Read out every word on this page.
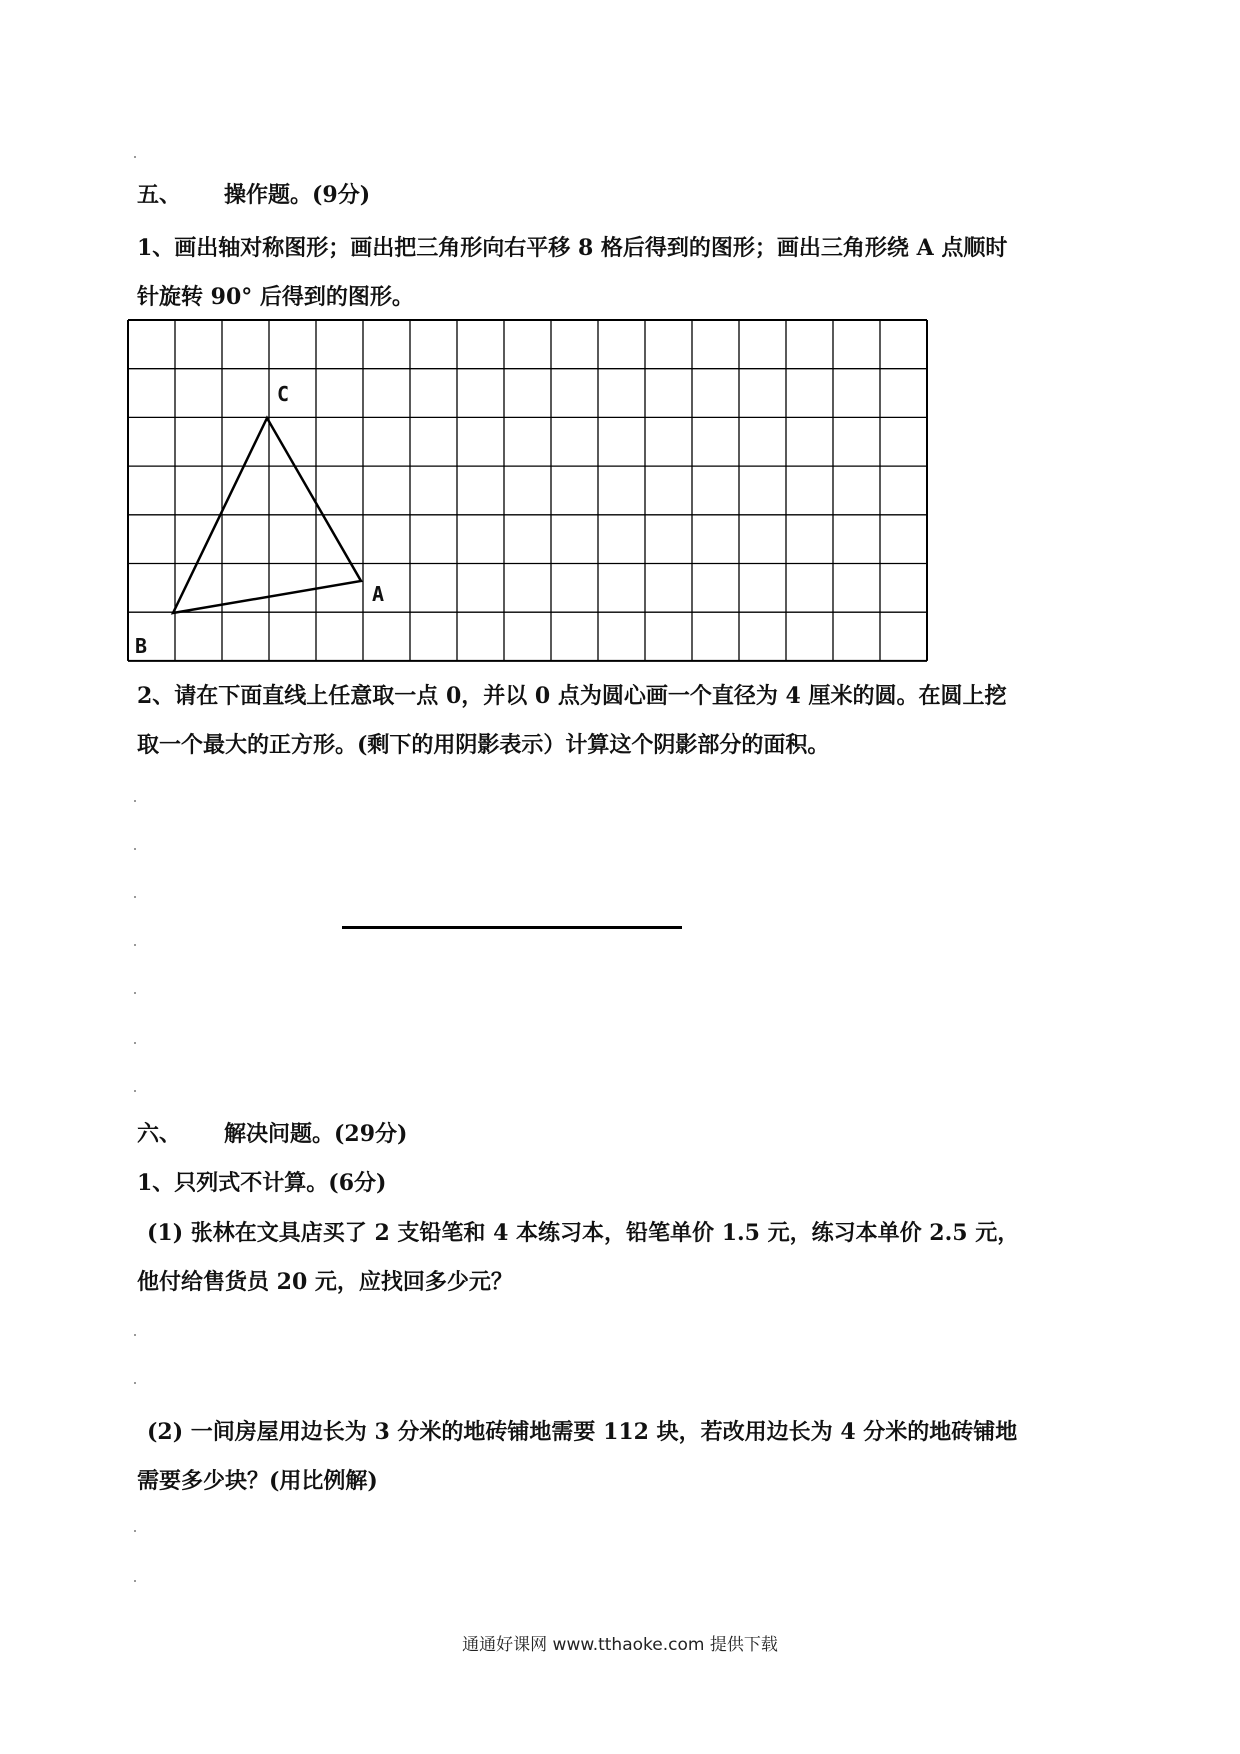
五、 操作题。(9分)
1、画出轴对称图形；画出把三角形向右平移 8 格后得到的图形；画出三角形绕 A 点顺时
针旋转 90° 后得到的图形。
C
A
B
2、请在下面直线上任意取一点 0，并以 0 点为圆心画一个直径为 4 厘米的圆。在圆上挖
取一个最大的正方形。(剩下的用阴影表示）计算这个阴影部分的面积。
六、 解决问题。(29分)
1、只列式不计算。(6分)
(1) 张林在文具店买了 2 支铅笔和 4 本练习本，铅笔单价 1.5 元，练习本单价 2.5 元，
他付给售货员 20 元，应找回多少元？
(2) 一间房屋用边长为 3 分米的地砖铺地需要 112 块，若改用边长为 4 分米的地砖铺地
需要多少块？(用比例解)
通通好课网 www.tthaoke.com 提供下载
